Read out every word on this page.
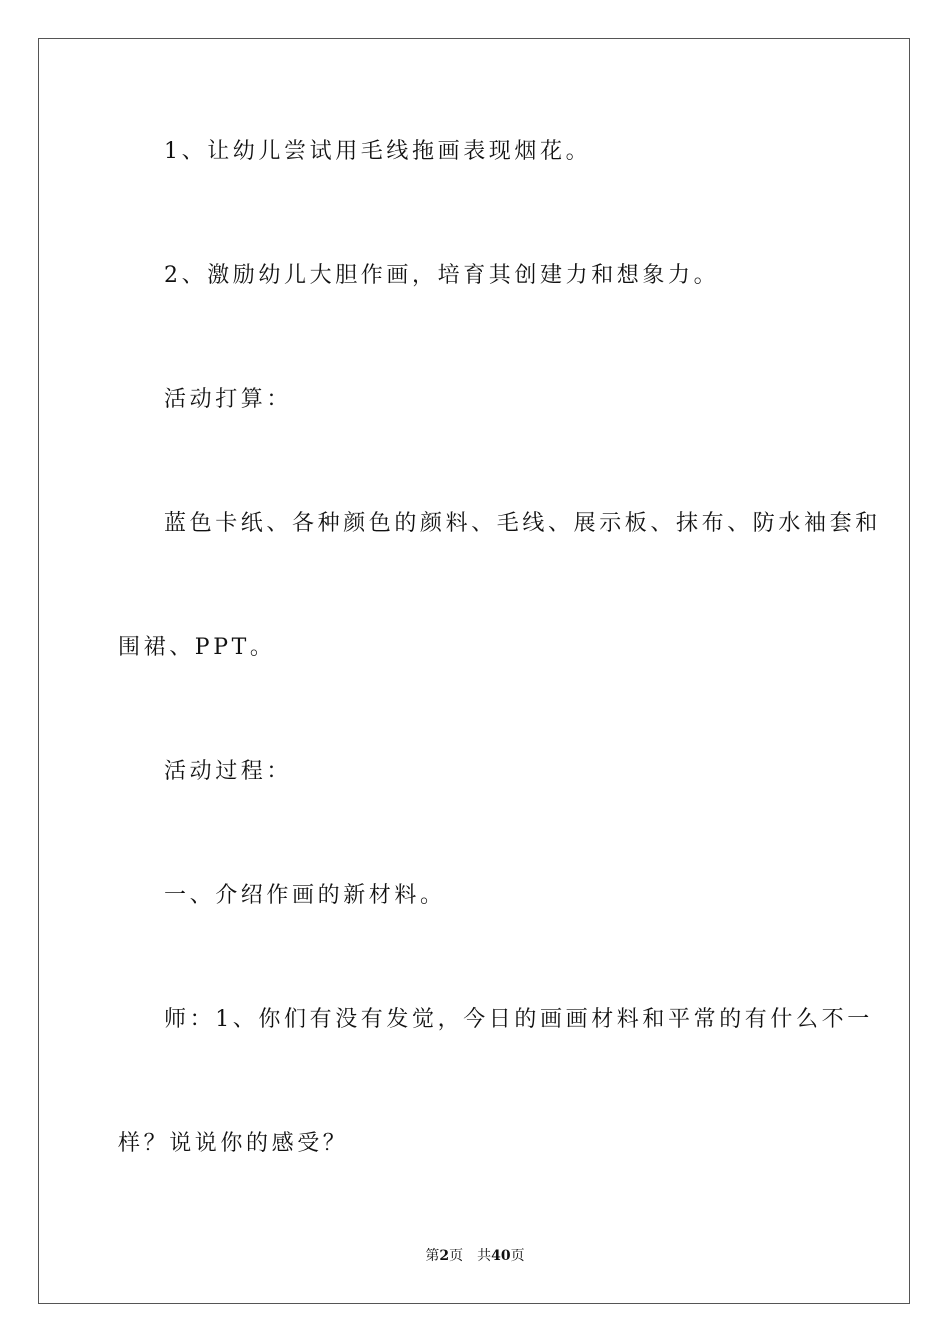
1、让幼儿尝试用毛线拖画表现烟花。

2、激励幼儿大胆作画，培育其创建力和想象力。

活动打算：

蓝色卡纸、各种颜色的颜料、毛线、展示板、抹布、防水袖套和

围裙、PPT。

活动过程：

一、介绍作画的新材料。

师：1、你们有没有发觉，今日的画画材料和平常的有什么不一

样？说说你的感受？

第2页 共40页
